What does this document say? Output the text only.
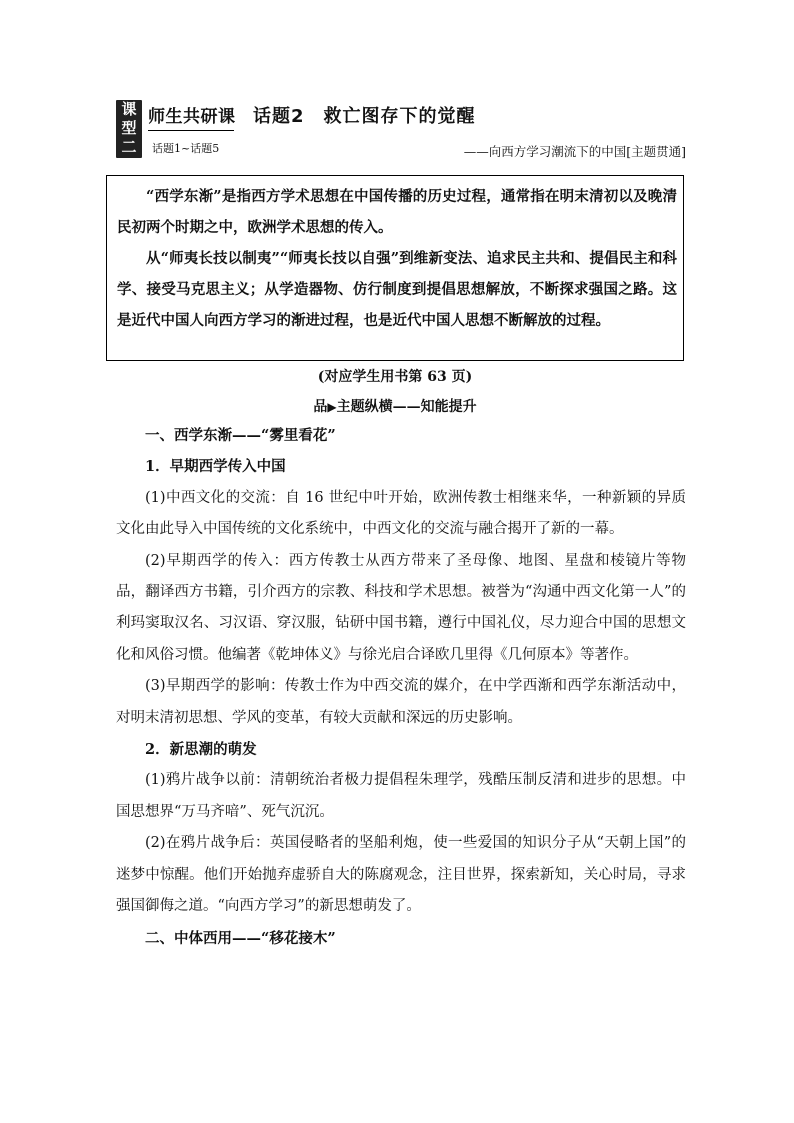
课
型
二
师生共研课
话题1~话题5
话题2　救亡图存下的觉醒
——向西方学习潮流下的中国[主题贯通]

“西学东渐”是指西方学术思想在中国传播的历史过程，通常指在明末清初以及晚清民初两个时期之中，欧洲学术思想的传入。

从“师夷长技以制夷”“师夷长技以自强”到维新变法、追求民主共和、提倡民主和科学、接受马克思主义；从学造器物、仿行制度到提倡思想解放，不断探求强国之路。这是近代中国人向西方学习的渐进过程，也是近代中国人思想不断解放的过程。

(对应学生用书第 63 页)
品▶主题纵横——知能提升

一、西学东渐——“雾里看花”

1．早期西学传入中国

(1)中西文化的交流：自 16 世纪中叶开始，欧洲传教士相继来华，一种新颖的异质文化由此导入中国传统的文化系统中，中西文化的交流与融合揭开了新的一幕。

(2)早期西学的传入：西方传教士从西方带来了圣母像、地图、星盘和棱镜片等物品，翻译西方书籍，引介西方的宗教、科技和学术思想。被誉为“沟通中西文化第一人”的利玛窦取汉名、习汉语、穿汉服，钻研中国书籍，遵行中国礼仪，尽力迎合中国的思想文化和风俗习惯。他编著《乾坤体义》与徐光启合译欧几里得《几何原本》等著作。

(3)早期西学的影响：传教士作为中西交流的媒介，在中学西渐和西学东渐活动中，对明末清初思想、学风的变革，有较大贡献和深远的历史影响。

2．新思潮的萌发

(1)鸦片战争以前：清朝统治者极力提倡程朱理学，残酷压制反清和进步的思想。中国思想界“万马齐喑”、死气沉沉。

(2)在鸦片战争后：英国侵略者的坚船利炮，使一些爱国的知识分子从“天朝上国”的迷梦中惊醒。他们开始抛弃虚骄自大的陈腐观念，注目世界，探索新知，关心时局，寻求强国御侮之道。“向西方学习”的新思想萌发了。

二、中体西用——“移花接木”
